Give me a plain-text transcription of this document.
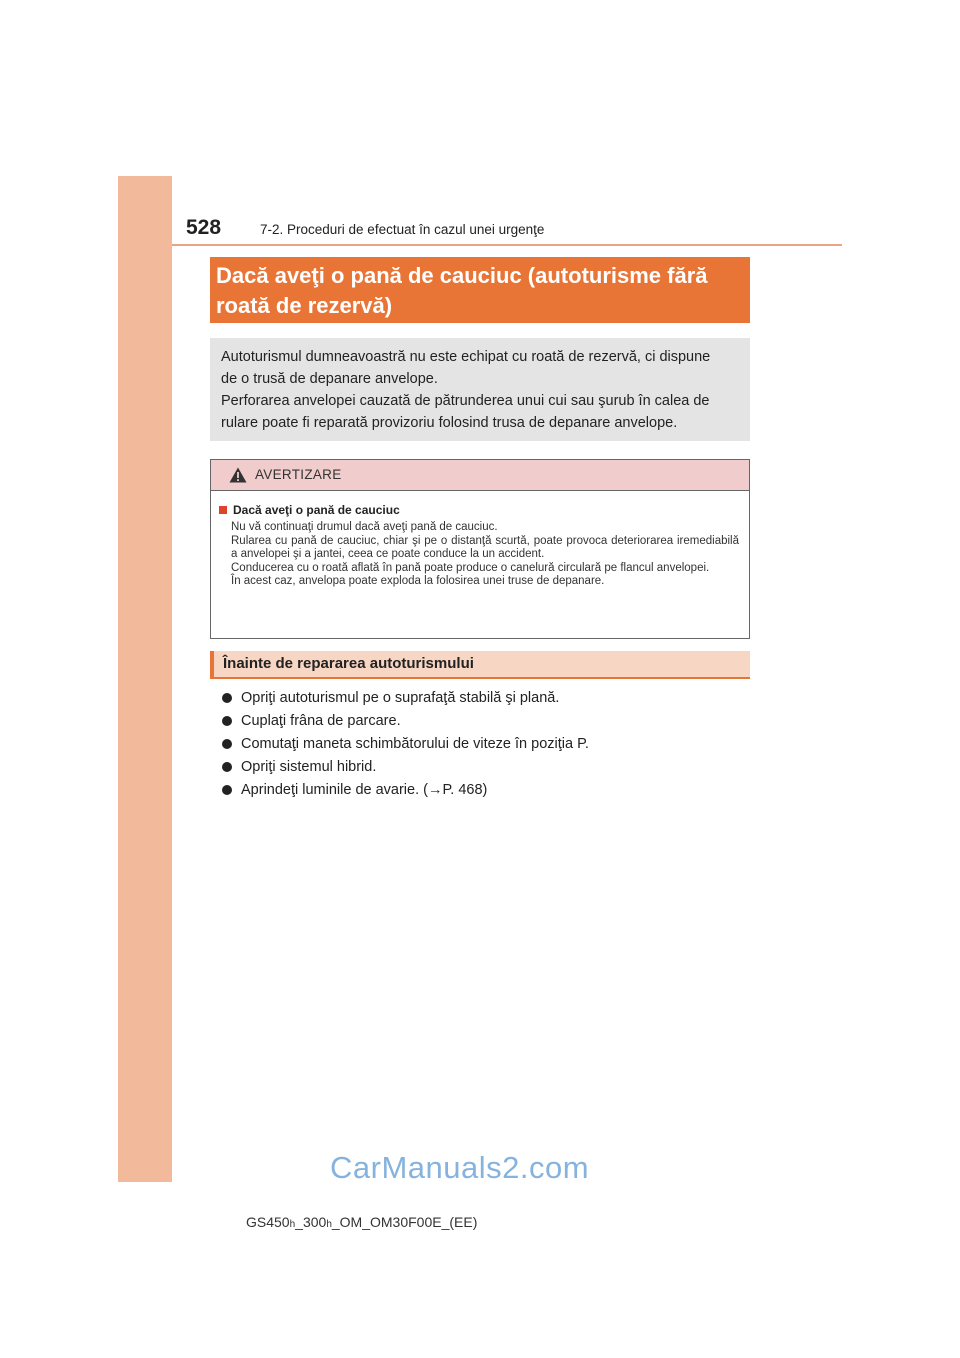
528	7-2. Proceduri de efectuat în cazul unei urgenţe
Dacă aveţi o pană de cauciuc (autoturisme fără
roată de rezervă)
Autoturismul dumneavoastră nu este echipat cu roată de rezervă, ci dispune
de o trusă de depanare anvelope.
Perforarea anvelopei cauzată de pătrunderea unui cui sau şurub în calea de
rulare poate fi reparată provizoriu folosind trusa de depanare anvelope.
AVERTIZARE
Dacă aveţi o pană de cauciuc

Nu vă continuaţi drumul dacă aveţi pană de cauciuc.

Rularea cu pană de cauciuc, chiar şi pe o distanţă scurtă, poate provoca deteriorarea iremediabilă a anvelopei şi a jantei, ceea ce poate conduce la un accident.

Conducerea cu o roată aflată în pană poate produce o canelură circulară pe flancul anvelopei.

În acest caz, anvelopa poate exploda la folosirea unei truse de depanare.

Înainte de repararea autoturismului
Opriţi autoturismul pe o suprafaţă stabilă şi plană.
Cuplaţi frâna de parcare.
Comutaţi maneta schimbătorului de viteze în poziţia P.
Opriţi sistemul hibrid.
Aprindeţi luminile de avarie. (→P. 468)
CarManuals2.com
GS450h_300h_OM_OM30F00E_(EE)
